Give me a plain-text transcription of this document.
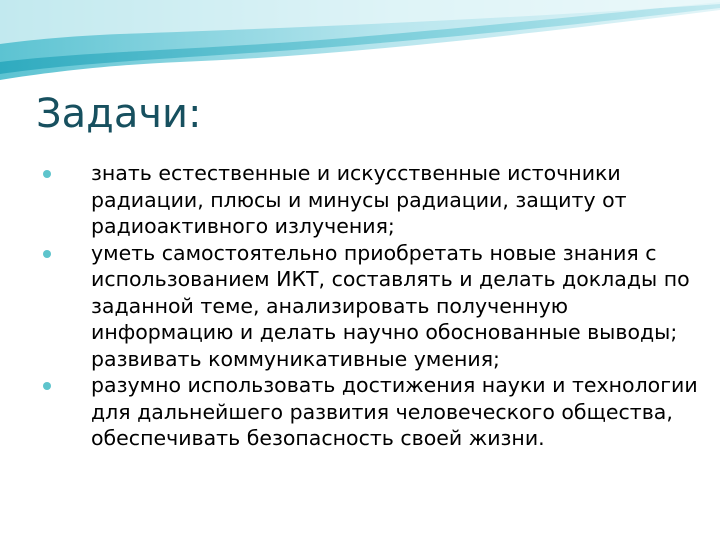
Задачи:
знать естественные и искусственные источники радиации, плюсы и минусы радиации, защиту от радиоактивного излучения;
уметь самостоятельно приобретать новые знания с использованием ИКТ, составлять и делать доклады по заданной теме, анализировать полученную информацию и делать научно обоснованные выводы; развивать коммуникативные умения;
разумно использовать достижения науки и технологии для дальнейшего развития человеческого общества, обеспечивать безопасность своей жизни.
